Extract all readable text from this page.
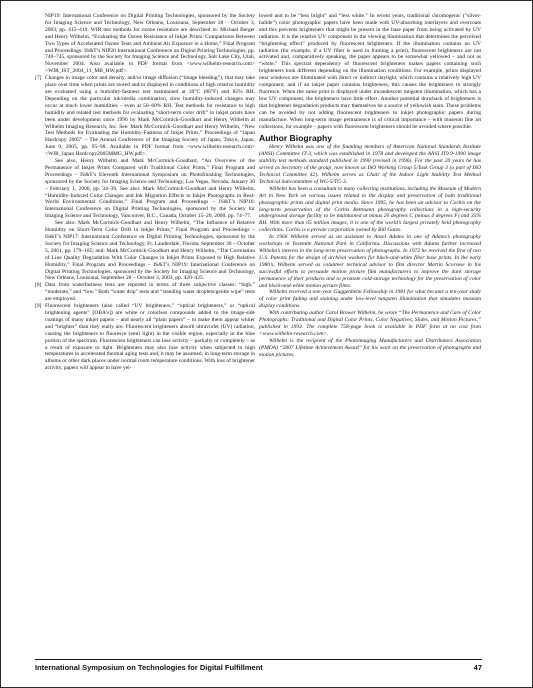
NIP19: International Conference on Digital Printing Technologies, sponsored by the Society for Imaging Science and Technology, New Orleans, Louisiana, September 28 – October 3, 2003, pp. 415–419. WIR test methods for ozone resistance are described in: Michael Berger and Henry Wilhelm, “Evaluating the Ozone Resistance of Inkjet Prints: Comparisons Between Two Types of Accelerated Ozone Tests and Ambient Air Exposure in a Home,” Final Program and Proceedings: IS&T’s NIP20 International Conference on Digital Printing Technologies, pp. 740–745, sponsored by the Society for Imaging Science and Technology, Salt Lake City, Utah, November 2004. Also available in PDF format from <www.wilhelm-research.com> <WIR_IST_2004_11_MB_HW.pdf>.

[7] Changes in image color and density, and/or image diffusion (“image bleeding”), that may take place over time when prints are stored and/or displayed in conditions of high relative humidity are evaluated using a humidity-fastness test maintained at 30°C (86°F) and 85% RH. Depending on the particular ink/media combination, slow humidity-induced changes may occur at much lower humidities – even at 50–60% RH. Test methods for resistance to high humidity and related test methods for evaluating “short-term color drift” in inkjet prints have been under development since 1996 by Mark McCormick-Goodhart and Henry Wilhelm at Wilhelm Imaging Research, Inc. See: Mark McCormick-Goodhart and Henry Wilhelm, “New Test Methods for Evaluating the Humidity-Fastness of Inkjet Prints,” Proceedings of “Japan Hardcopy 2005” – The Annual Conference of the Imaging Society of Japan, Tokyo, Japan, June 9, 2005, pp. 95–98. Available in PDF format from <www.wilhelm-research.com> <WIR_Japan Hardcopy2005MMG_HW.pdf>.

See also, Henry Wilhelm and Mark McCormick-Goodhart, “An Overview of the Permanence of Inkjet Prints Compared with Traditional Color Prints,” Final Program and Proceedings – IS&T’s Eleventh International Symposium on Photofinishing Technologies, sponsored by the Society for Imaging Science and Technology, Las Vegas, Nevada, January 30 – February 1, 2000, pp. 34–39. See also: Mark McCormick-Goodhart and Henry Wilhelm, “Humidity-Induced Color Changes and Ink Migration Effects in Inkjet Photographs in Real-World Environmental Conditions,” Final Program and Proceedings – IS&T’s NIP16: International Conference on Digital Printing Technologies, sponsored by the Society for Imaging Science and Technology, Vancouver, B.C., Canada, October 15–20, 2000, pp. 74–77.

See also: Mark McCormick-Goodhart and Henry Wilhelm, “The Influence of Relative Humidity on Short-Term Color Drift in Inkjet Prints,” Final Program and Proceedings – IS&T’s NIP17: International Conference on Digital Printing Technologies, sponsored by the Society for Imaging Science and Technology, Ft. Lauderdale, Florida, September 30 – October 5, 2001, pp. 179–185; and: Mark McCormick-Goodhart and Henry Wilhelm, “The Correlation of Line Quality Degradation With Color Changes in Inkjet Prints Exposed to High Relative Humidity,” Final Program and Proceedings – IS&T’s NIP19: International Conference on Digital Printing Technologies, sponsored by the Society for Imaging Science and Technology, New Orleans, Louisiana, September 28 – October 3, 2003, pp. 420–425.

[8] Data from waterfastness tests are reported in terms of three subjective classes: “high,” “moderate,” and “low.” Both “water drip” tests and “standing water droplets/gentle wipe” tests are employed.

[9] Fluorescent brighteners (also called “UV brighteners,” “optical brighteners,” or “optical brightening agents” [OBA’s]) are white or colorless compounds added to the image-side coatings of many inkjet papers – and nearly all “plain papers” – to make them appear whiter and “brighter” than they really are. Fluorescent brighteners absorb ultraviolet (UV) radiation, causing the brighteners to fluoresce (emit light) in the visible region, especially in the blue portion of the spectrum. Fluorescent brighteners can lose activity – partially or completely – as a result of exposure to light. Brighteners may also lose activity when subjected to high temperatures in accelerated thermal aging tests and, it may be assumed, in long-term storage in albums or other dark places under normal room temperature conditions. With loss of brightener activity, papers will appear to have yel-

lowed and to be “less bright” and “less white.” In recent years, traditional chromogenic (“silver-halide”) color photographic papers have been made with UV-absorbing interlayers and overcoats and this prevents brighteners that might be present in the base paper from being activated by UV radiation. It is the relative UV component in the viewing illumination that determines the perceived “brightening effect” produced by fluorescent brighteners. If the illumination contains no UV radiation (for example, if a UV filter is used in framing a print), fluorescent brighteners are not activated and, comparatively speaking, the paper appears to be somewhat yellowed – and not as “white.” This spectral dependency of fluorescent brighteners makes papers containing such brighteners look different depending on the illumination conditions. For example, prints displayed near windows are illuminated with direct or indirect daylight, which contains a relatively high UV component, and if an inkjet paper contains brighteners, this causes the brighteners to strongly fluoresce. When the same print is displayed under incandescent tungsten illumination, which has a low UV component, the brighteners have little effect. Another potential drawback of brighteners is that brightener degradation products may themselves be a source of yellowish stain. These problems can be avoided by not adding fluorescent brighteners to inkjet photographic papers during manufacture. When long-term image permanence is of critical importance – with museum fine art collections, for example – papers with fluorescent brighteners should be avoided where possible.

Author Biography

Henry Wilhelm was one of the founding members of American National Standards Institute (ANSI) Committee IT-3, which was established in 1978 and developed the ANSI IT9.9-1990 image stability test methods standard published in 1990 (revised in 1996). For the past 20 years he has served as Secretary of the group, now known as ISO Working Group 5/Task Group 3 (a part of ISO Technical Committee 42). Wilhelm serves as Chair of the Indoor Light Stability Test Method Technical Subcommittee of WG-5/TG-3.

Wilhelm has been a consultant to many collecting institutions, including the Museum of Modern Art in New York on various issues related to the display and preservation of both traditional photographic prints and digital print media. Since 1995, he has been an advisor to Corbis on the long-term preservation of the Corbis Bettmann photography collections in a high-security underground storage facility to be maintained at minus 20 degrees C (minus 4 degrees F) and 35% RH. With more than 65 million images, it is one of the world’s largest privately held photography collections. Corbis is a private corporation owned by Bill Gates.

In 1966 Wilhelm served as an assistant to Ansel Adams in one of Adams’s photography workshops in Yosemite National Park in California. Discussions with Adams further increased Wilhelm’s interest in the long-term preservation of photographs. In 1972 he received the first of two U.S. Patents for the design of archival washers for black-and-white fiber base prints. In the early 1980’s, Wilhelm served as volunteer technical advisor to film director Martin Scorsese in his successful efforts to persuade motion picture film manufacturers to improve the dark storage permanence of their products and to promote cold-storage technology for the preservation of color and black-and-white motion picture films.

Wilhelm received a one-year Guggenheim Fellowship in 1981 for what became a ten-year study of color print fading and staining under low-level tungsten illumination that simulates museum display conditions.

With contributing author Carol Brower Wilhelm, he wrote “The Permanence and Care of Color Photographs: Traditional and Digital Color Prints, Color Negatives, Slides, and Motion Pictures,” published in 1993. The complete 758-page book is available in PDF form at no cost from <www.wilhelm-research.com>.

Wilhelm is the recipient of the Photoimaging Manufacturers and Distributors Association (PMDA) “2007 Lifetime Achievement Award” for his work on the preservation of photographs and motion pictures.

International Symposium on Technologies for Digital Fulfillment	47
